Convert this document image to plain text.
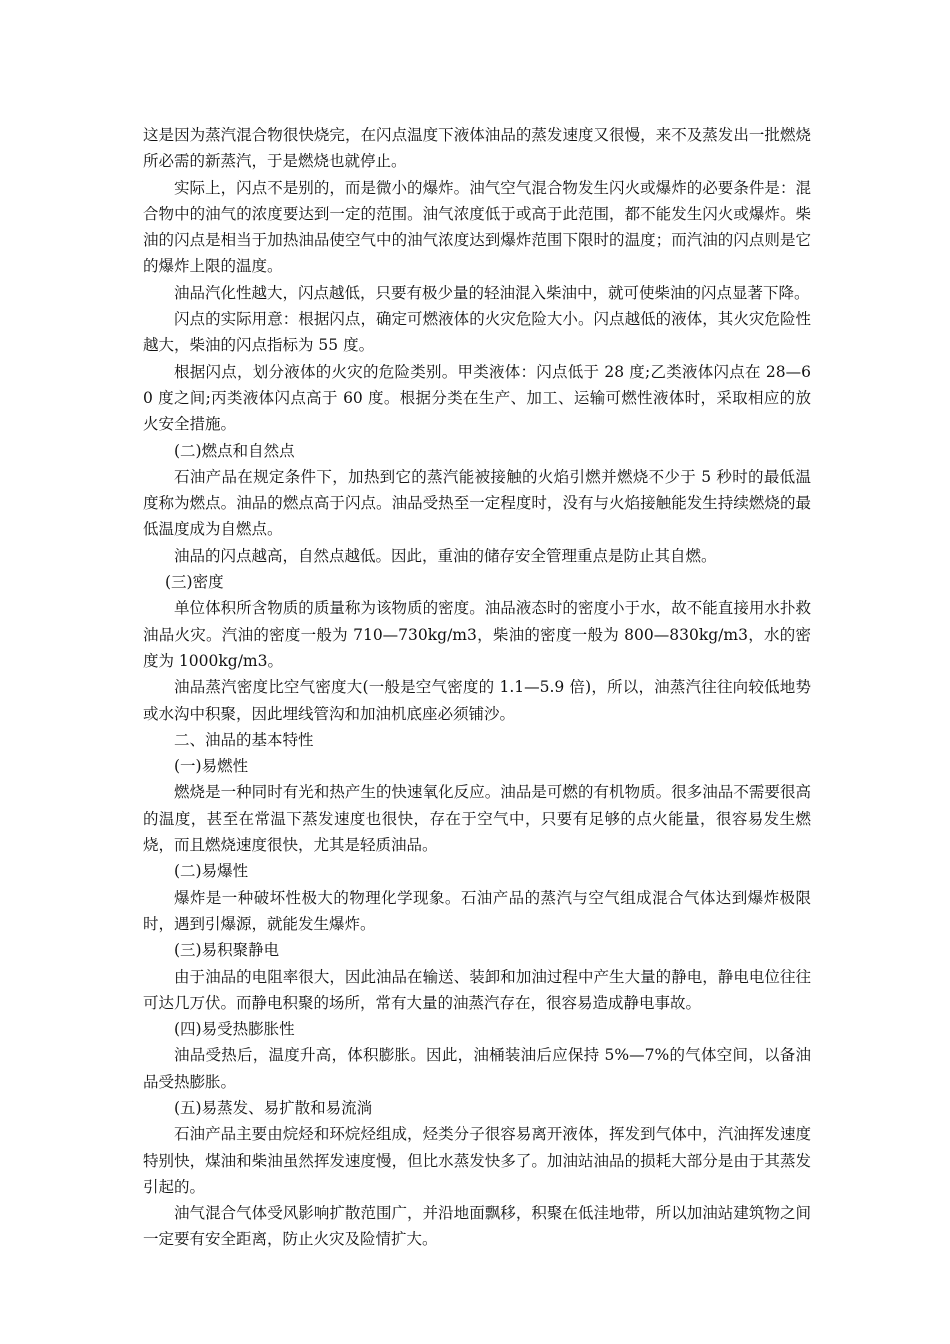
这是因为蒸汽混合物很快烧完，在闪点温度下液体油品的蒸发速度又很慢，来不及蒸发出一批燃烧所必需的新蒸汽，于是燃烧也就停止。

实际上，闪点不是别的，而是微小的爆炸。油气空气混合物发生闪火或爆炸的必要条件是：混合物中的油气的浓度要达到一定的范围。油气浓度低于或高于此范围，都不能发生闪火或爆炸。柴油的闪点是相当于加热油品使空气中的油气浓度达到爆炸范围下限时的温度；而汽油的闪点则是它的爆炸上限的温度。

油品汽化性越大，闪点越低，只要有极少量的轻油混入柴油中，就可使柴油的闪点显著下降。

闪点的实际用意：根据闪点，确定可燃液体的火灾危险大小。闪点越低的液体，其火灾危险性越大，柴油的闪点指标为 55 度。

根据闪点，划分液体的火灾的危险类别。甲类液体：闪点低于 28 度;乙类液体闪点在 28—60 度之间;丙类液体闪点高于 60 度。根据分类在生产、加工、运输可燃性液体时，采取相应的放火安全措施。

(二)燃点和自然点

石油产品在规定条件下，加热到它的蒸汽能被接触的火焰引燃并燃烧不少于 5 秒时的最低温度称为燃点。油品的燃点高于闪点。油品受热至一定程度时，没有与火焰接触能发生持续燃烧的最低温度成为自燃点。

油品的闪点越高，自然点越低。因此，重油的储存安全管理重点是防止其自燃。

(三)密度

单位体积所含物质的质量称为该物质的密度。油品液态时的密度小于水，故不能直接用水扑救油品火灾。汽油的密度一般为 710—730kg/m3，柴油的密度一般为 800—830kg/m3，水的密度为 1000kg/m3。

油品蒸汽密度比空气密度大(一般是空气密度的 1.1—5.9 倍)，所以，油蒸汽往往向较低地势或水沟中积聚，因此埋线管沟和加油机底座必须铺沙。

二、油品的基本特性

(一)易燃性

燃烧是一种同时有光和热产生的快速氧化反应。油品是可燃的有机物质。很多油品不需要很高的温度，甚至在常温下蒸发速度也很快，存在于空气中，只要有足够的点火能量，很容易发生燃烧，而且燃烧速度很快，尤其是轻质油品。

(二)易爆性

爆炸是一种破坏性极大的物理化学现象。石油产品的蒸汽与空气组成混合气体达到爆炸极限时，遇到引爆源，就能发生爆炸。

(三)易积聚静电

由于油品的电阻率很大，因此油品在输送、装卸和加油过程中产生大量的静电，静电电位往往可达几万伏。而静电积聚的场所，常有大量的油蒸汽存在，很容易造成静电事故。

(四)易受热膨胀性

油品受热后，温度升高，体积膨胀。因此，油桶装油后应保持 5%—7%的气体空间，以备油品受热膨胀。

(五)易蒸发、易扩散和易流淌

石油产品主要由烷烃和环烷烃组成，烃类分子很容易离开液体，挥发到气体中，汽油挥发速度特别快，煤油和柴油虽然挥发速度慢，但比水蒸发快多了。加油站油品的损耗大部分是由于其蒸发引起的。

油气混合气体受风影响扩散范围广，并沿地面飘移，积聚在低洼地带，所以加油站建筑物之间一定要有安全距离，防止火灾及险情扩大。
